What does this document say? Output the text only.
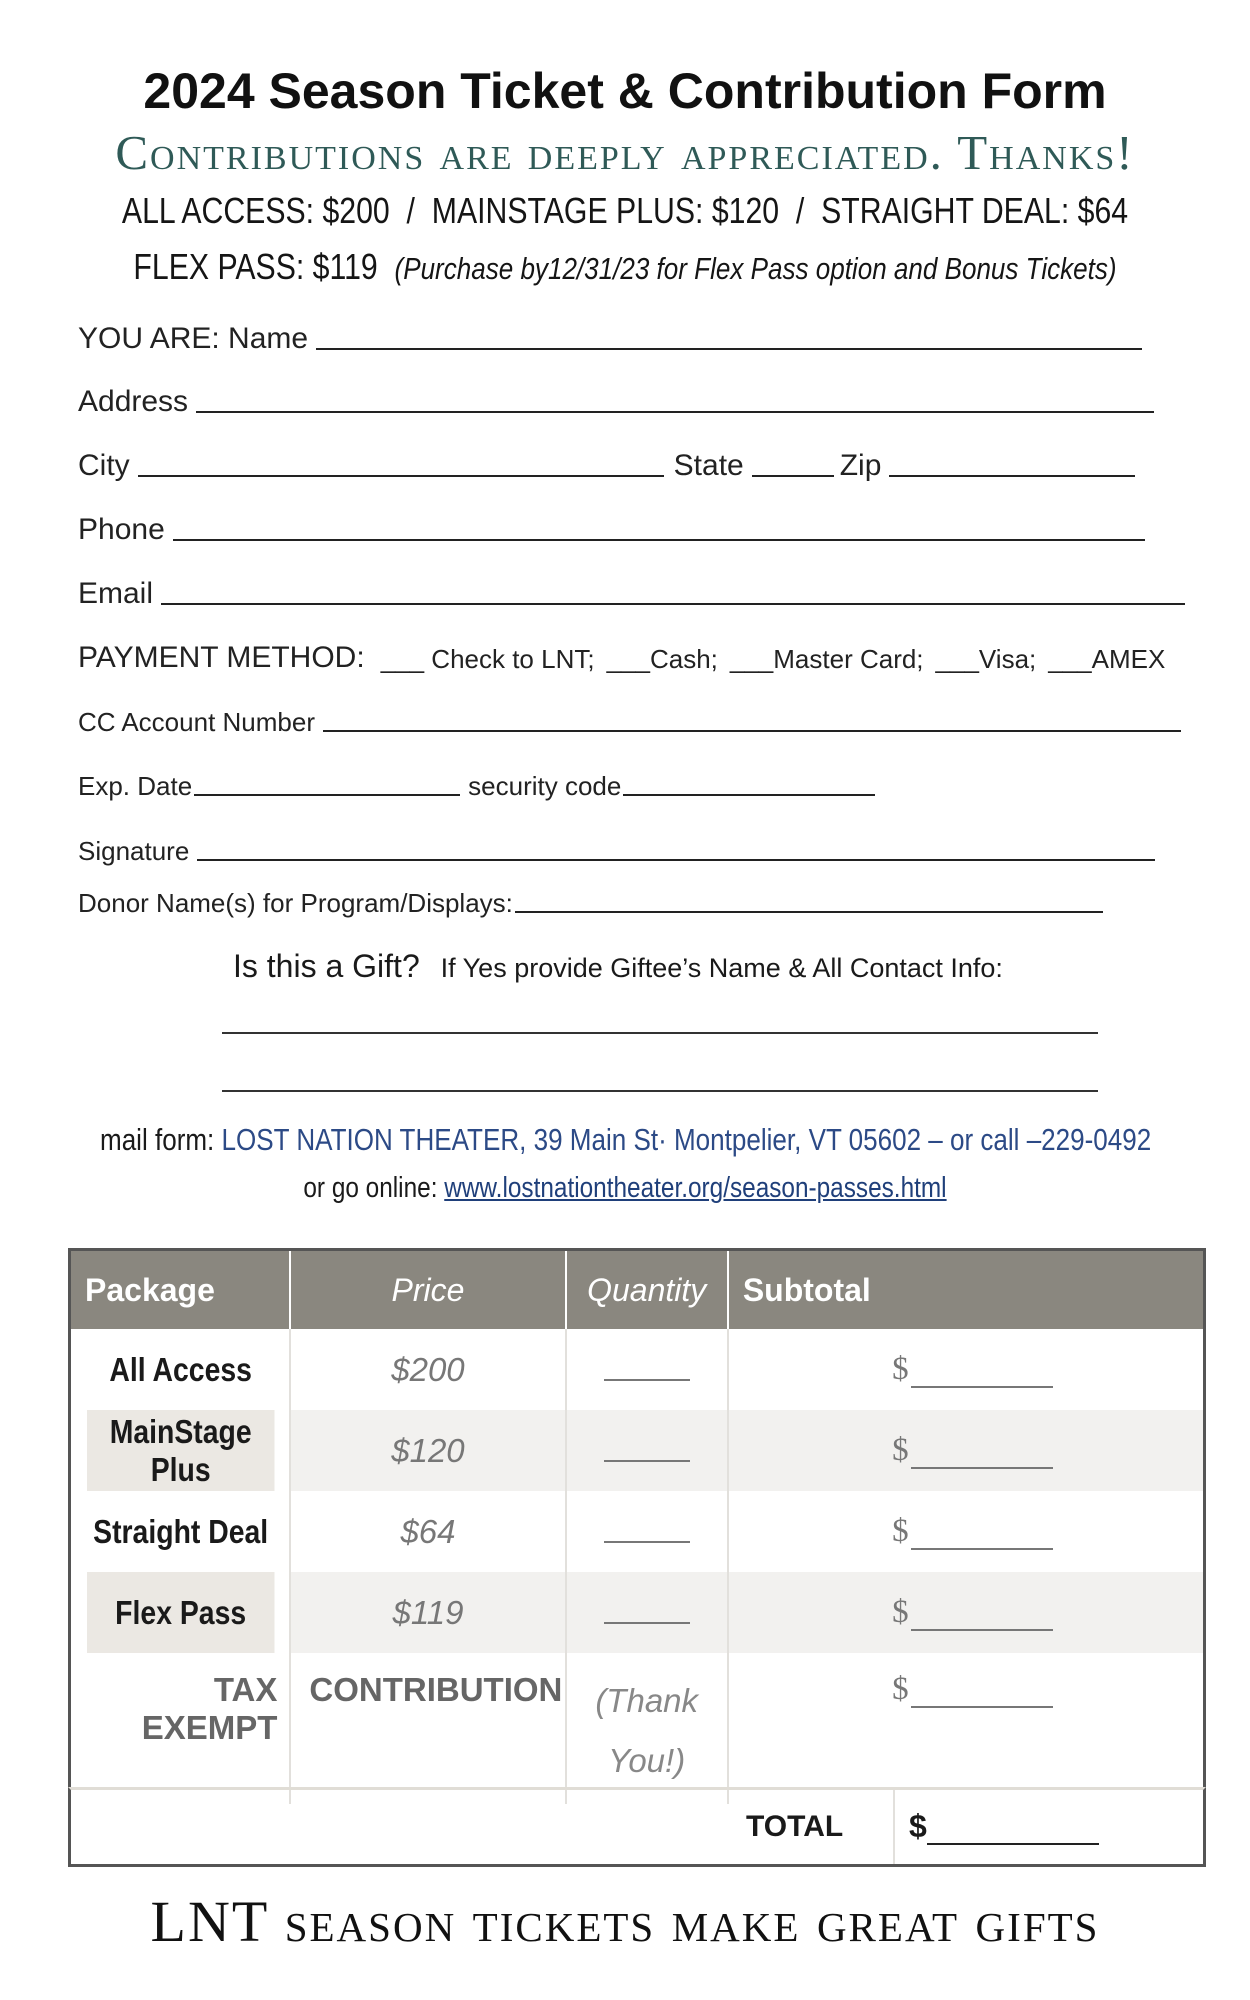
2024 Season Ticket & Contribution Form
Contributions are deeply appreciated. Thanks!
ALL ACCESS: $200  /  MAINSTAGE PLUS: $120  /  STRAIGHT DEAL: $64
FLEX PASS: $119 (Purchase by12/31/23 for Flex Pass option and Bonus Tickets)
YOU ARE: Name
Address
City	State	Zip
Phone
Email
PAYMENT METHOD: ___ Check to LNT; ___Cash; ___Master Card; ___Visa; ___AMEX
CC Account Number
Exp. Date	security code
Signature
Donor Name(s) for Program/Displays:
Is this a Gift? If Yes provide Giftee’s Name & All Contact Info:
mail form: LOST NATION THEATER, 39 Main St· Montpelier, VT 05602 – or call –229-0492
or go online: www.lostnationtheater.org/season-passes.html
Package	Price	Quantity	Subtotal
All Access	$200		$
MainStage Plus	$120		$
Straight Deal	$64		$
Flex Pass	$119		$
TAX EXEMPT	CONTRIBUTION	(Thank You!)	$
TOTAL $
LNT season tickets make great gifts
